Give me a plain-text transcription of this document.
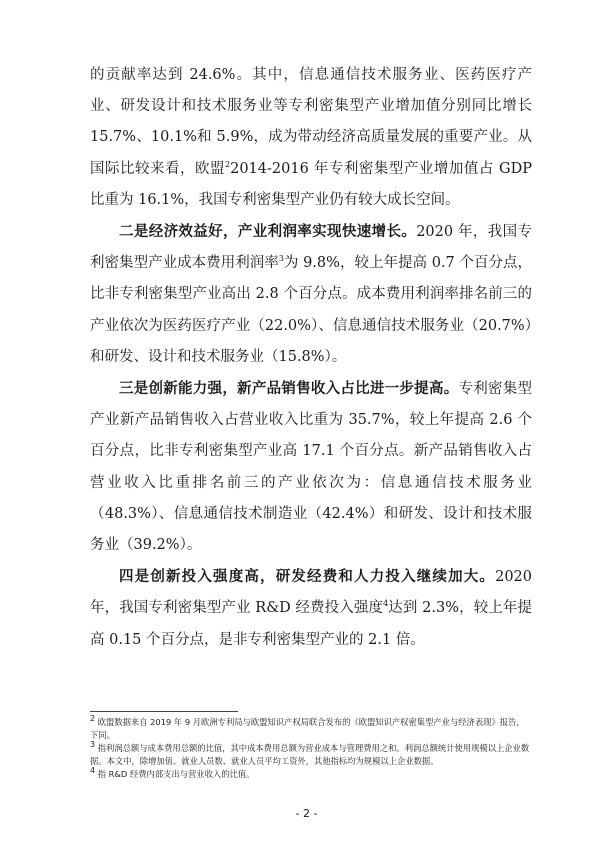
的贡献率达到 24.6%。其中，信息通信技术服务业、医药医疗产业、研发设计和技术服务业等专利密集型产业增加值分别同比增长 15.7%、10.1%和 5.9%，成为带动经济高质量发展的重要产业。从国际比较来看，欧盟$^2$2014-2016 年专利密集型产业增加值占 GDP 比重为 16.1%，我国专利密集型产业仍有较大成长空间。

二是经济效益好，产业利润率实现快速增长。2020 年，我国专利密集型产业成本费用利润率$^3$为 9.8%，较上年提高 0.7 个百分点，比非专利密集型产业高出 2.8 个百分点。成本费用利润率排名前三的产业依次为医药医疗产业（22.0%）、信息通信技术服务业（20.7%）和研发、设计和技术服务业（15.8%）。

三是创新能力强，新产品销售收入占比进一步提高。专利密集型产业新产品销售收入占营业收入比重为 35.7%，较上年提高 2.6 个百分点，比非专利密集型产业高 17.1 个百分点。新产品销售收入占营业收入比重排名前三的产业依次为：信息通信技术服务业（48.3%）、信息通信技术制造业（42.4%）和研发、设计和技术服务业（39.2%）。

四是创新投入强度高，研发经费和人力投入继续加大。2020 年，我国专利密集型产业 R&D 经费投入强度$^4$达到 2.3%，较上年提高 0.15 个百分点，是非专利密集型产业的 2.1 倍。

$^2$ 欧盟数据来自 2019 年 9 月欧洲专利局与欧盟知识产权局联合发布的《欧盟知识产权密集型产业与经济表现》报告，下同。

$^3$ 指利润总额与成本费用总额的比值，其中成本费用总额为营业成本与管理费用之和。利润总额统计使用规模以上企业数据。本文中，除增加值、就业人员数、就业人员平均工资外，其他指标均为规模以上企业数据。

$^4$ 指 R&D 经费内部支出与营业收入的比值。

- 2 -
